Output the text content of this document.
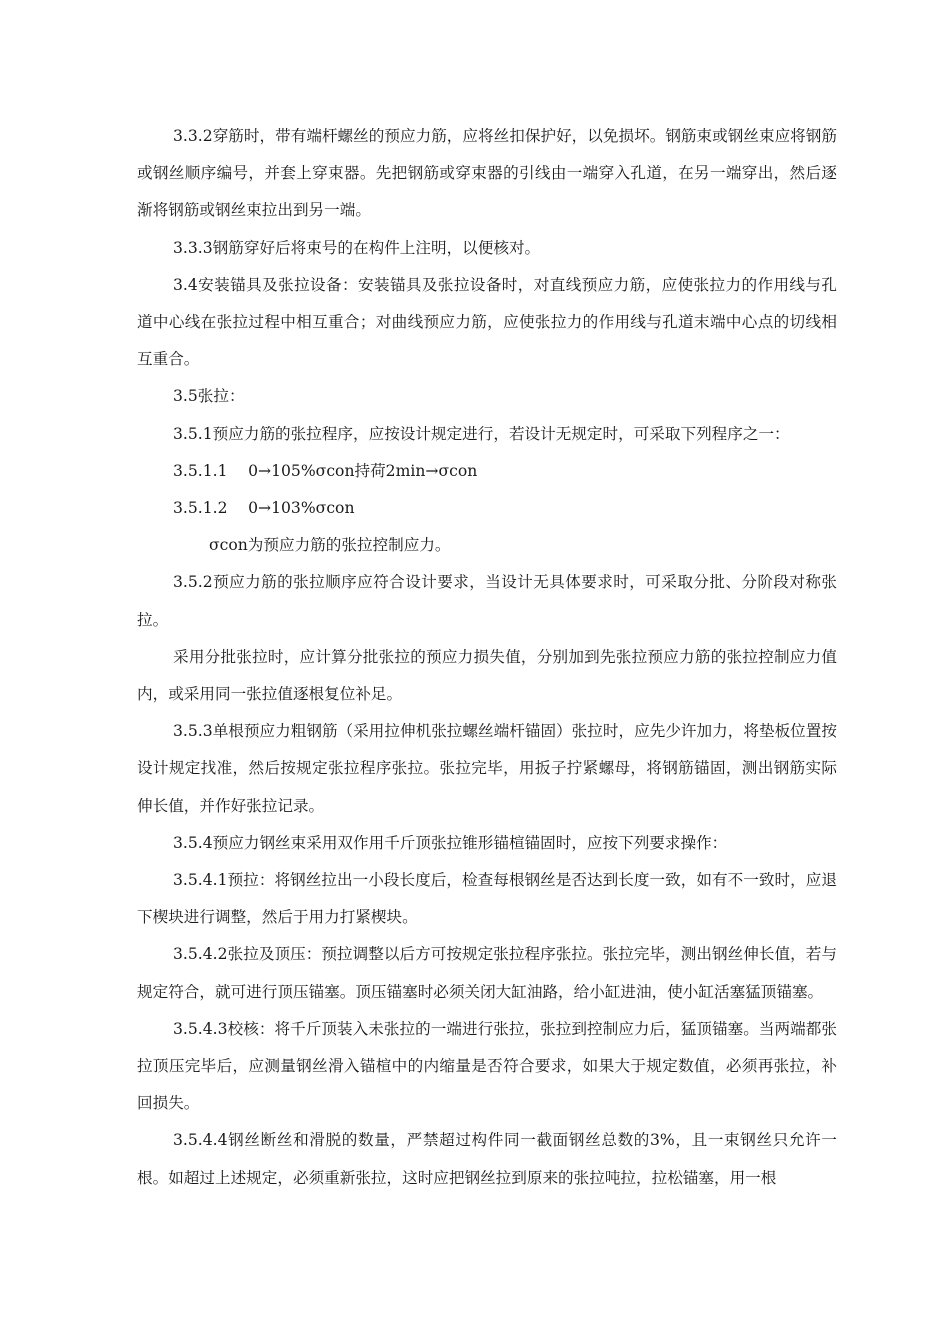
3.3.2穿筋时，带有端杆螺丝的预应力筋，应将丝扣保护好，以免损坏。钢筋束或钢丝束应将钢筋或钢丝顺序编号，并套上穿束器。先把钢筋或穿束器的引线由一端穿入孔道，在另一端穿出，然后逐渐将钢筋或钢丝束拉出到另一端。

3.3.3钢筋穿好后将束号的在构件上注明，以便核对。

3.4安装锚具及张拉设备：安装锚具及张拉设备时，对直线预应力筋，应使张拉力的作用线与孔道中心线在张拉过程中相互重合；对曲线预应力筋，应使张拉力的作用线与孔道末端中心点的切线相互重合。

3.5张拉：

3.5.1预应力筋的张拉程序，应按设计规定进行，若设计无规定时，可采取下列程序之一：

3.5.1.1　 0→105%σcon持荷2min→σcon

3.5.1.2　 0→103%σcon

σcon为预应力筋的张拉控制应力。

3.5.2预应力筋的张拉顺序应符合设计要求，当设计无具体要求时，可采取分批、分阶段对称张拉。

采用分批张拉时，应计算分批张拉的预应力损失值，分别加到先张拉预应力筋的张拉控制应力值内，或采用同一张拉值逐根复位补足。

3.5.3单根预应力粗钢筋（采用拉伸机张拉螺丝端杆锚固）张拉时，应先少许加力，将垫板位置按设计规定找准，然后按规定张拉程序张拉。张拉完毕，用扳子拧紧螺母，将钢筋锚固，测出钢筋实际伸长值，并作好张拉记录。

3.5.4预应力钢丝束采用双作用千斤顶张拉锥形锚楦锚固时，应按下列要求操作：

3.5.4.1预拉：将钢丝拉出一小段长度后，检查每根钢丝是否达到长度一致，如有不一致时，应退下楔块进行调整，然后于用力打紧楔块。

3.5.4.2张拉及顶压：预拉调整以后方可按规定张拉程序张拉。张拉完毕，测出钢丝伸长值，若与规定符合，就可进行顶压锚塞。顶压锚塞时必须关闭大缸油路，给小缸进油，使小缸活塞猛顶锚塞。

3.5.4.3校核：将千斤顶装入未张拉的一端进行张拉，张拉到控制应力后，猛顶锚塞。当两端都张拉顶压完毕后，应测量钢丝滑入锚楦中的内缩量是否符合要求，如果大于规定数值，必须再张拉，补回损失。

3.5.4.4钢丝断丝和滑脱的数量，严禁超过构件同一截面钢丝总数的3%，且一束钢丝只允许一根。如超过上述规定，必须重新张拉，这时应把钢丝拉到原来的张拉吨拉，拉松锚塞，用一根
